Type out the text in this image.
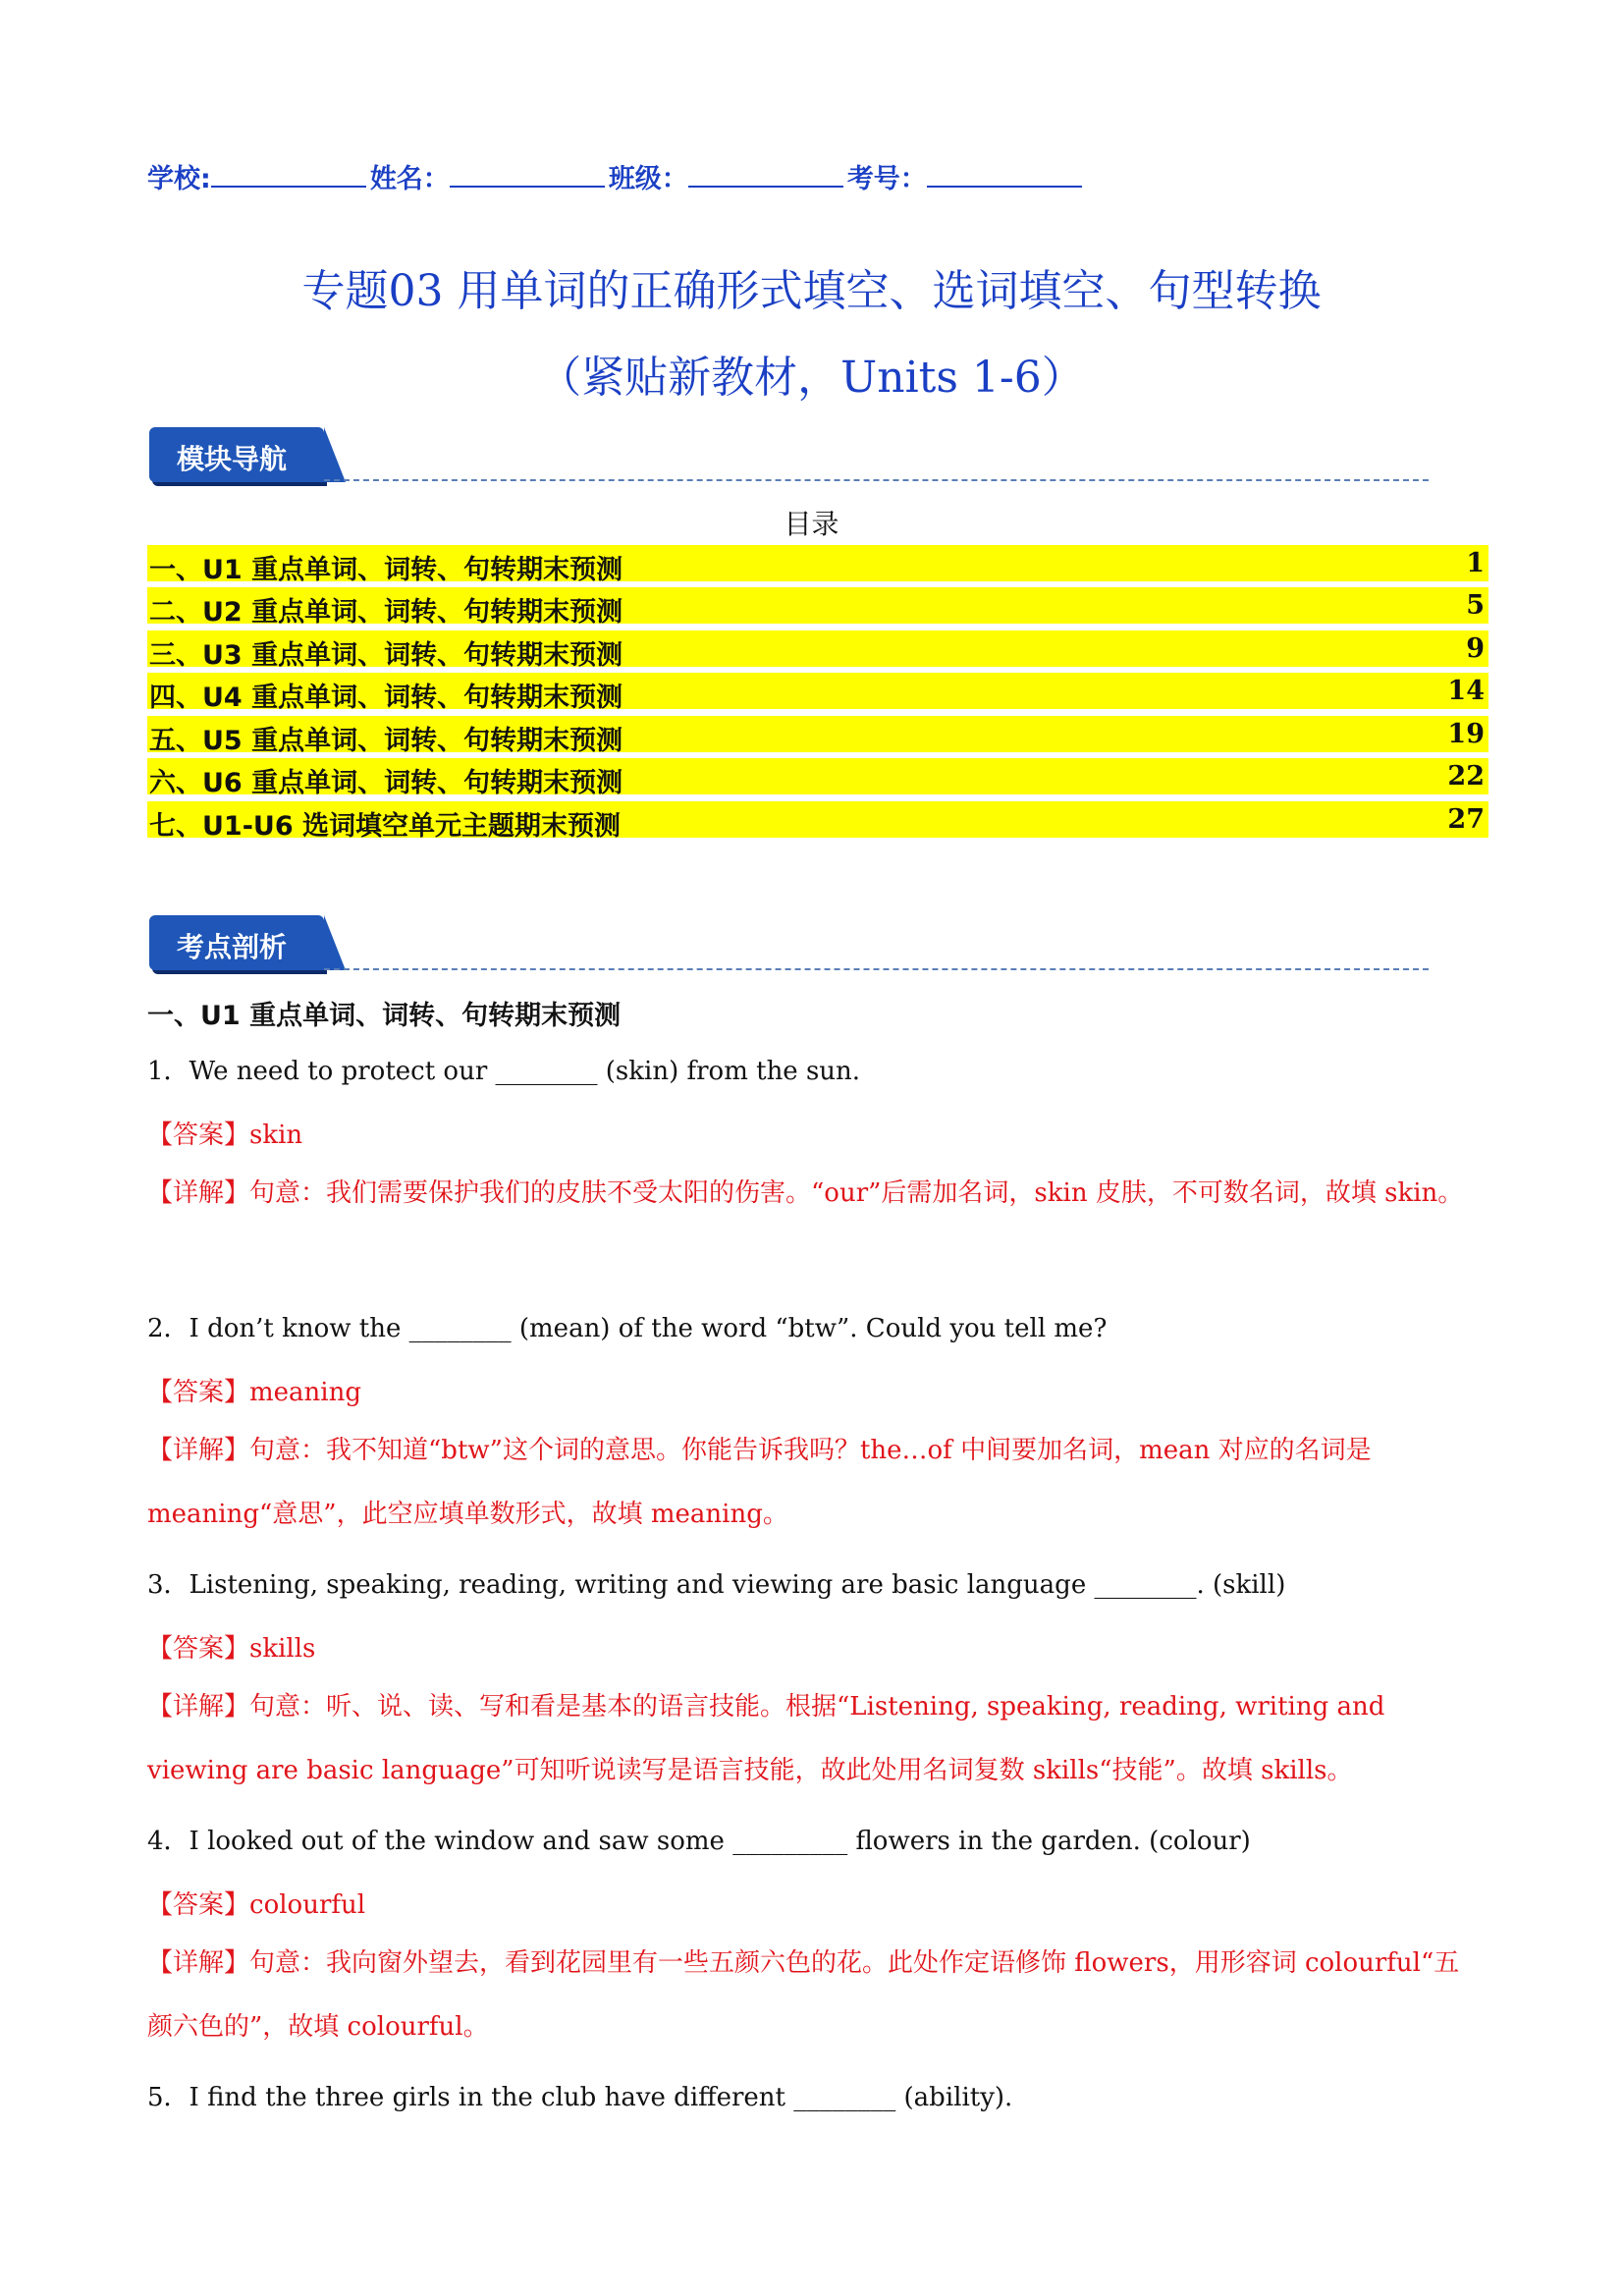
学校:	姓名：	班级：	考号：
专题03 用单词的正确形式填空、选词填空、句型转换
（紧贴新教材，Units 1-6）
模块导航
目录
一、U1 重点单词、词转、句转期末预测	1
二、U2 重点单词、词转、句转期末预测	5
三、U3 重点单词、词转、句转期末预测	9
四、U4 重点单词、词转、句转期末预测	14
五、U5 重点单词、词转、句转期末预测	19
六、U6 重点单词、词转、句转期末预测	22
七、U1-U6 选词填空单元主题期末预测	27
考点剖析
一、U1 重点单词、词转、句转期末预测
1．We need to protect our ________ (skin) from the sun.
【答案】skin
【详解】句意：我们需要保护我们的皮肤不受太阳的伤害。“our”后需加名词，skin 皮肤，不可数名词，故填 skin。
2．I don’t know the ________ (mean) of the word “btw”. Could you tell me?
【答案】meaning
【详解】句意：我不知道“btw”这个词的意思。你能告诉我吗？the…of 中间要加名词，mean 对应的名词是 meaning“意思”，此空应填单数形式，故填 meaning。
3．Listening, speaking, reading, writing and viewing are basic language ________. (skill)
【答案】skills
【详解】句意：听、说、读、写和看是基本的语言技能。根据“Listening, speaking, reading, writing and viewing are basic language”可知听说读写是语言技能，故此处用名词复数 skills“技能”。故填 skills。
4．I looked out of the window and saw some _________ flowers in the garden. (colour)
【答案】colourful
【详解】句意：我向窗外望去，看到花园里有一些五颜六色的花。此处作定语修饰 flowers，用形容词 colourful“五颜六色的”，故填 colourful。
5．I find the three girls in the club have different ________ (ability).
